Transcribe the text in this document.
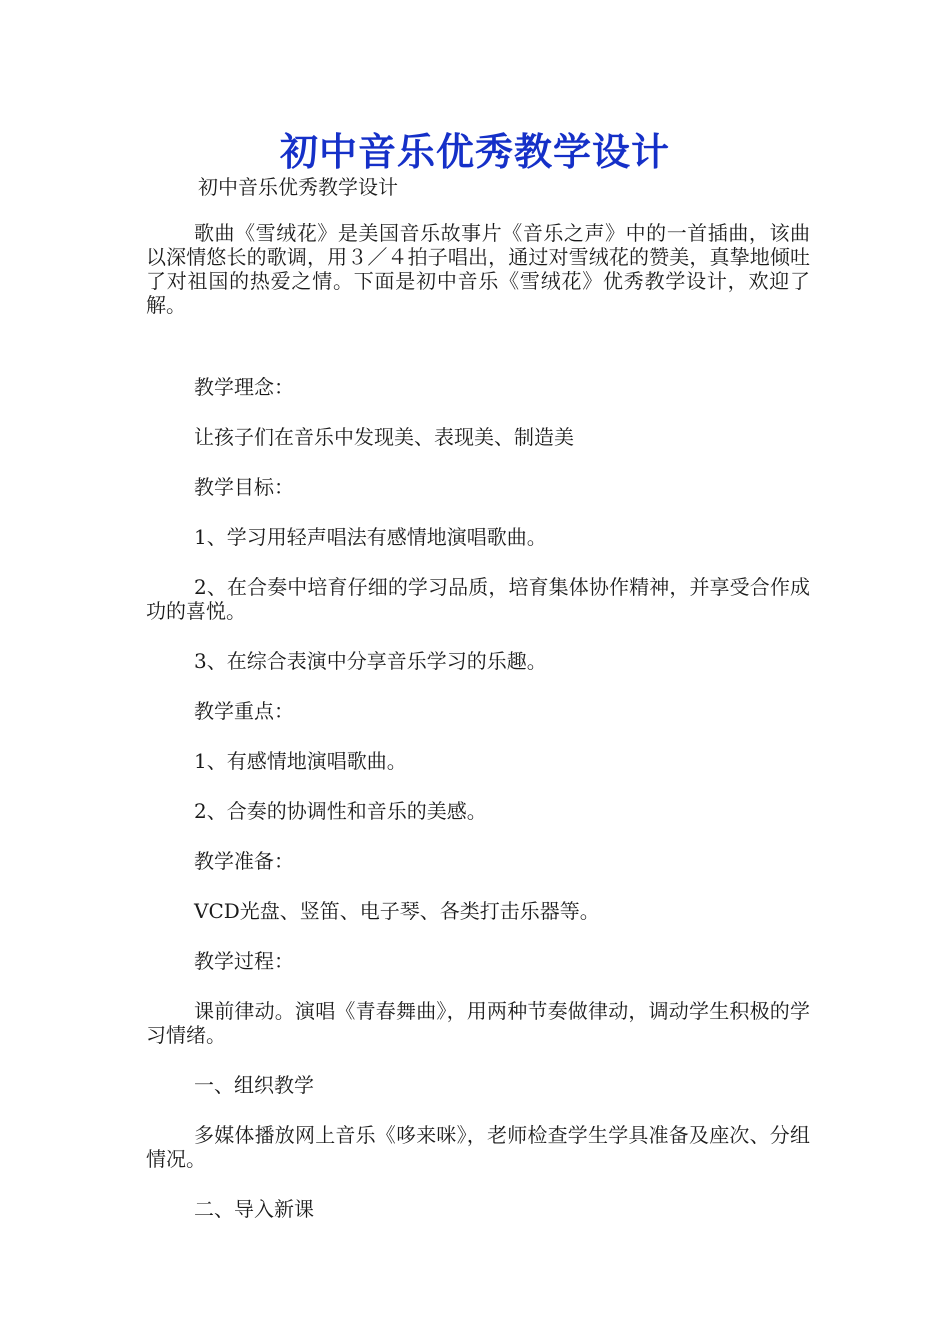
初中音乐优秀教学设计
初中音乐优秀教学设计

歌曲《雪绒花》是美国音乐故事片《音乐之声》中的一首插曲，该曲以深情悠长的歌调，用３／４拍子唱出，通过对雪绒花的赞美，真挚地倾吐了对祖国的热爱之情。下面是初中音乐《雪绒花》优秀教学设计，欢迎了解。

教学理念：

让孩子们在音乐中发现美、表现美、制造美

教学目标：

1、学习用轻声唱法有感情地演唱歌曲。

2、在合奏中培育仔细的学习品质，培育集体协作精神，并享受合作成功的喜悦。

3、在综合表演中分享音乐学习的乐趣。

教学重点：

1、有感情地演唱歌曲。

2、合奏的协调性和音乐的美感。

教学准备：

VCD光盘、竖笛、电子琴、各类打击乐器等。

教学过程：

课前律动。演唱《青春舞曲》，用两种节奏做律动，调动学生积极的学习情绪。

一、组织教学

多媒体播放网上音乐《哆来咪》，老师检查学生学具准备及座次、分组情况。

二、导入新课
